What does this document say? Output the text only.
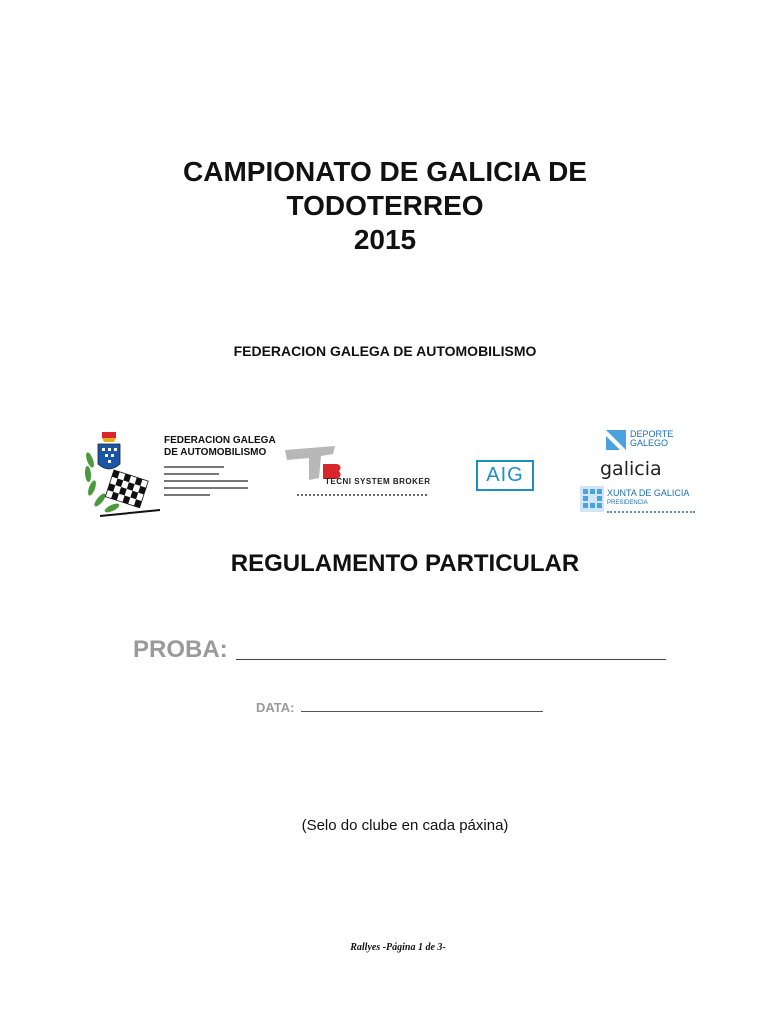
CAMPIONATO DE GALICIA DE
TODOTERREO
2015
FEDERACION GALEGA DE AUTOMOBILISMO
FEDERACION GALEGA
DE AUTOMOBILISMO
TECNI SYSTEM BROKER	AIG
DEPORTE
GALEGO
galicia
XUNTA DE GALICIA
PRESIDENCIA
REGULAMENTO PARTICULAR
PROBA:
DATA:
(Selo do clube en cada páxina)
Rallyes -Página 1 de 3-
